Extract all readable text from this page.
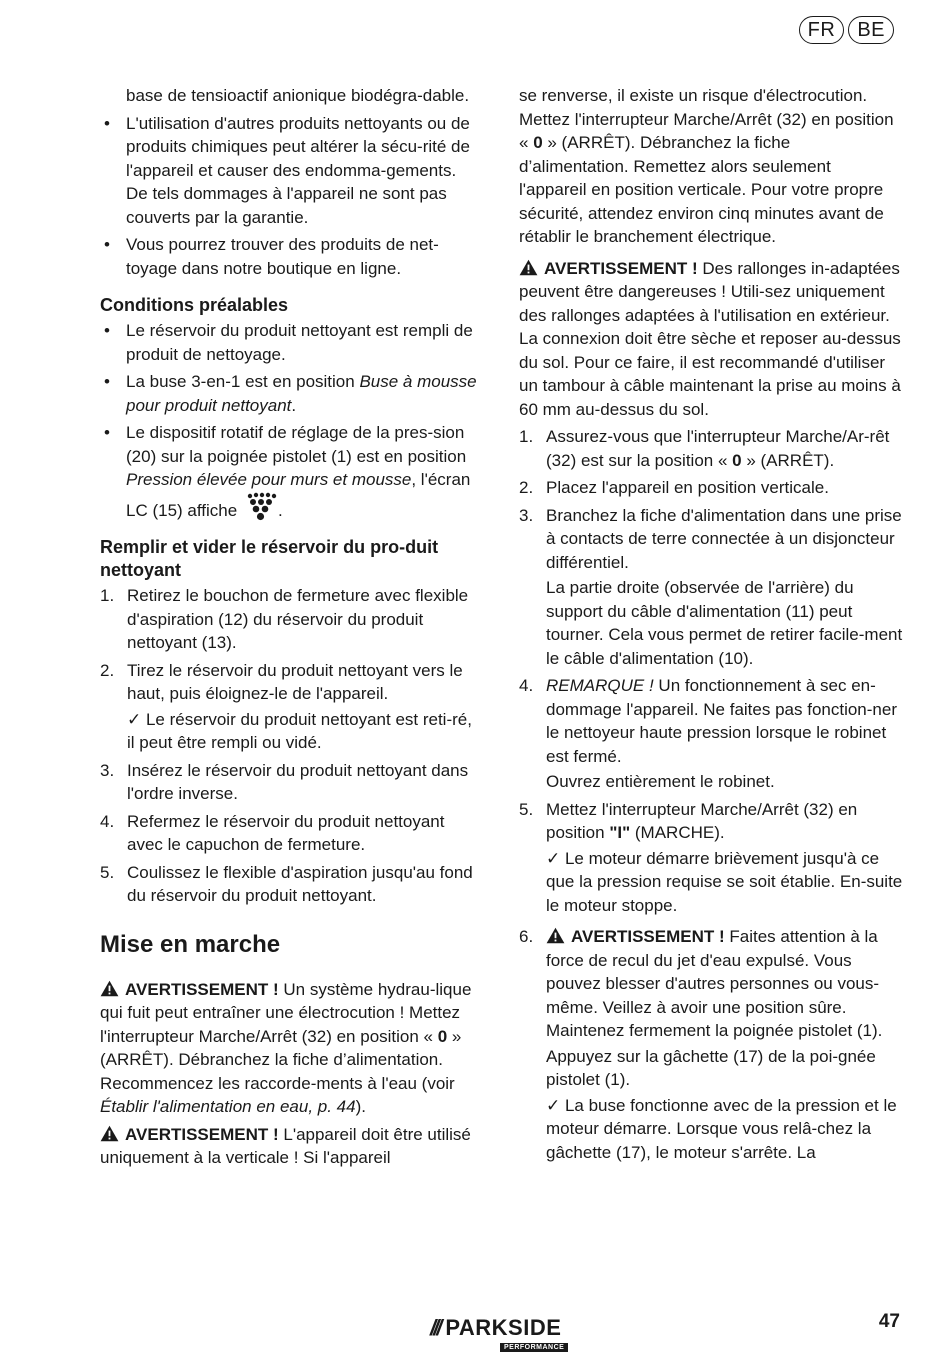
FR	BE

base de tensioactif anionique biodégra-dable.

• L'utilisation d'autres produits nettoyants ou de produits chimiques peut altérer la sécu-rité de l'appareil et causer des endomma-gements. De tels dommages à l'appareil ne sont pas couverts par la garantie.
• Vous pourrez trouver des produits de net-toyage dans notre boutique en ligne.
Conditions préalables
• Le réservoir du produit nettoyant est rempli de produit de nettoyage.
• La buse 3-en-1 est en position Buse à mousse pour produit nettoyant.
• Le dispositif rotatif de réglage de la pres-sion (20) sur la poignée pistolet (1) est en position Pression élevée pour murs et mousse, l'écran LC (15) affiche .
Remplir et vider le réservoir du pro-duit nettoyant
1. Retirez le bouchon de fermeture avec flexible d'aspiration (12) du réservoir du produit nettoyant (13).
2. Tirez le réservoir du produit nettoyant vers le haut, puis éloignez-le de l'appareil.
✓ Le réservoir du produit nettoyant est reti-ré, il peut être rempli ou vidé.
3. Insérez le réservoir du produit nettoyant dans l'ordre inverse.
4. Refermez le réservoir du produit nettoyant avec le capuchon de fermeture.
5. Coulissez le flexible d'aspiration jusqu'au fond du réservoir du produit nettoyant.
Mise en marche

AVERTISSEMENT ! Un système hydrau-lique qui fuit peut entraîner une électrocution ! Mettez l'interrupteur Marche/Arrêt (32) en position « 0 » (ARRÊT). Débranchez la fiche d’alimentation. Recommencez les raccorde-ments à l'eau (voir Établir l'alimentation en eau, p. 44).

AVERTISSEMENT ! L'appareil doit être utilisé uniquement à la verticale ! Si l'appareil

se renverse, il existe un risque d'électrocution. Mettez l'interrupteur Marche/Arrêt (32) en position « 0 » (ARRÊT). Débranchez la fiche d’alimentation. Remettez alors seulement l'appareil en position verticale. Pour votre propre sécurité, attendez environ cinq minutes avant de rétablir le branchement électrique.

AVERTISSEMENT ! Des rallonges in-adaptées peuvent être dangereuses ! Utili-sez uniquement des rallonges adaptées à l'utilisation en extérieur. La connexion doit être sèche et reposer au-dessus du sol. Pour ce faire, il est recommandé d'utiliser un tambour à câble maintenant la prise au moins à 60 mm au-dessus du sol.

1. Assurez-vous que l'interrupteur Marche/Ar-rêt (32) est sur la position « 0 » (ARRÊT).
2. Placez l'appareil en position verticale.
3. Branchez la fiche d'alimentation dans une prise à contacts de terre connectée à un disjoncteur différentiel.
La partie droite (observée de l'arrière) du support du câble d'alimentation (11) peut tourner. Cela vous permet de retirer facile-ment le câble d'alimentation (10).
4. REMARQUE ! Un fonctionnement à sec en-dommage l'appareil. Ne faites pas fonction-ner le nettoyeur haute pression lorsque le robinet est fermé.
Ouvrez entièrement le robinet.
5. Mettez l'interrupteur Marche/Arrêt (32) en position "I" (MARCHE).
✓ Le moteur démarre brièvement jusqu'à ce que la pression requise se soit établie. En-suite le moteur stoppe.
6. AVERTISSEMENT ! Faites attention à la force de recul du jet d'eau expulsé. Vous pouvez blesser d'autres personnes ou vous-même. Veillez à avoir une position sûre. Maintenez fermement la poignée pistolet (1).
Appuyez sur la gâchette (17) de la poi-gnée pistolet (1).
✓ La buse fonctionne avec de la pression et le moteur démarre. Lorsque vous relâ-chez la gâchette (17), le moteur s'arrête. La
/// PARKSIDE
PERFORMANCE
47
